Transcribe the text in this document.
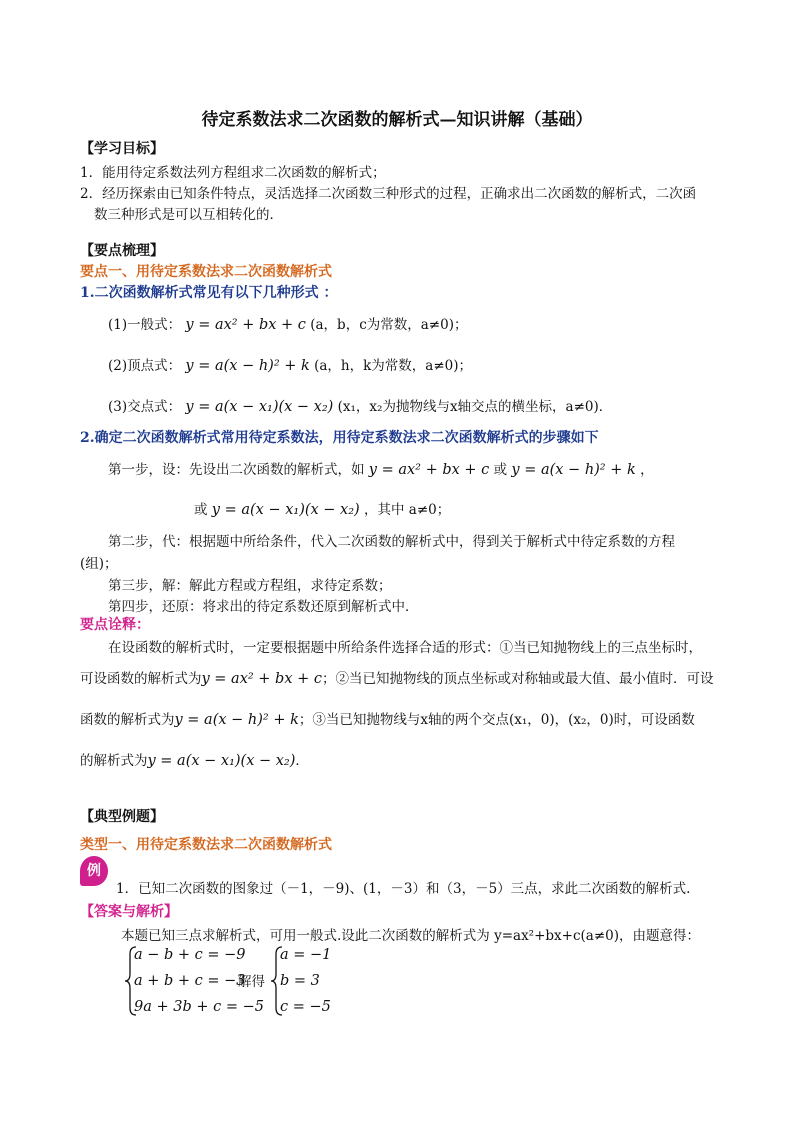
待定系数法求二次函数的解析式—知识讲解（基础）
【学习目标】
1．能用待定系数法列方程组求二次函数的解析式；
2．经历探索由已知条件特点，灵活选择二次函数三种形式的过程，正确求出二次函数的解析式，二次函
数三种形式是可以互相转化的．
【要点梳理】
要点一、用待定系数法求二次函数解析式
1.二次函数解析式常见有以下几种形式 ：
(1)一般式： y = ax² + bx + c (a，b，c为常数，a≠0)；
(2)顶点式： y = a(x − h)² + k (a，h，k为常数，a≠0)；
(3)交点式： y = a(x − x₁)(x − x₂) (x₁，x₂为抛物线与x轴交点的横坐标，a≠0)．
2.确定二次函数解析式常用待定系数法，用待定系数法求二次函数解析式的步骤如下
第一步，设：先设出二次函数的解析式，如 y = ax² + bx + c 或 y = a(x − h)² + k ，
或 y = a(x − x₁)(x − x₂) ，其中 a≠0；
第二步，代：根据题中所给条件，代入二次函数的解析式中，得到关于解析式中待定系数的方程
(组)；
第三步，解：解此方程或方程组，求待定系数；
第四步，还原：将求出的待定系数还原到解析式中．
要点诠释：
在设函数的解析式时，一定要根据题中所给条件选择合适的形式：①当已知抛物线上的三点坐标时，
可设函数的解析式为y = ax² + bx + c；②当已知抛物线的顶点坐标或对称轴或最大值、最小值时．可设
函数的解析式为y = a(x − h)² + k；③当已知抛物线与x轴的两个交点(x₁，0)，(x₂，0)时，可设函数
的解析式为y = a(x − x₁)(x − x₂)．
【典型例题】
类型一、用待定系数法求二次函数解析式
例
1．已知二次函数的图象过（－1，－9)、(1，－3）和（3，－5）三点，求此二次函数的解析式.
【答案与解析】
本题已知三点求解析式，可用一般式.设此二次函数的解析式为 y=ax²+bx+c(a≠0)，由题意得：
a − b + c = −9
a + b + c = −3
9a + 3b + c = −5
解得
a = −1
b = 3
c = −5
